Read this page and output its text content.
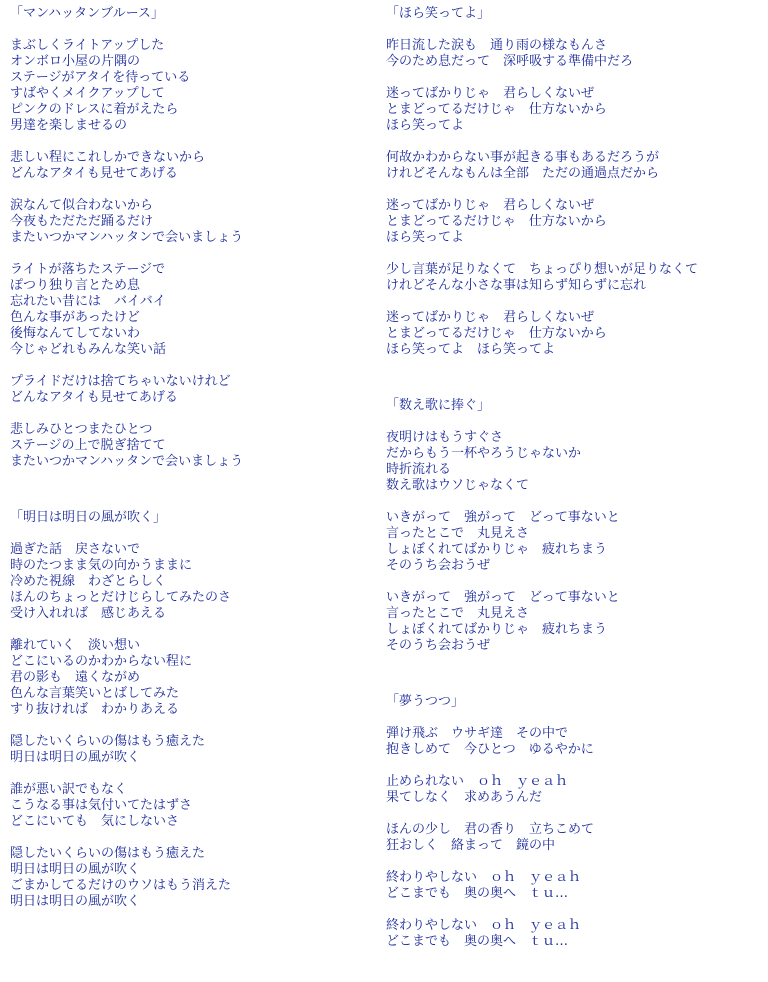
「マンハッタンブルース」
まぶしくライトアップした
オンボロ小屋の片隅の
ステージがアタイを待っている
すばやくメイクアップして
ピンクのドレスに着がえたら
男達を楽しませるの
悲しい程にこれしかできないから
どんなアタイも見せてあげる
涙なんて似合わないから
今夜もただただ踊るだけ
またいつかマンハッタンで会いましょう
ライトが落ちたステージで
ぽつり独り言とため息
忘れたい昔には　バイバイ
色んな事があったけど
後悔なんてしてないわ
今じゃどれもみんな笑い話
プライドだけは捨てちゃいないけれど
どんなアタイも見せてあげる
悲しみひとつまたひとつ
ステージの上で脱ぎ捨てて
またいつかマンハッタンで会いましょう
「明日は明日の風が吹く」
過ぎた話　戻さないで
時のたつまま気の向かうままに
冷めた視線　わざとらしく
ほんのちょっとだけじらしてみたのさ
受け入れれば　感じあえる
離れていく　淡い想い
どこにいるのかわからない程に
君の影も　遠くながめ
色んな言葉笑いとばしてみた
すり抜ければ　わかりあえる
隠したいくらいの傷はもう癒えた
明日は明日の風が吹く
誰が悪い訳でもなく
こうなる事は気付いてたはずさ
どこにいても　気にしないさ
隠したいくらいの傷はもう癒えた
明日は明日の風が吹く
ごまかしてるだけのウソはもう消えた
明日は明日の風が吹く
「ほら笑ってよ」
昨日流した涙も　通り雨の様なもんさ
今のため息だって　深呼吸する準備中だろ
迷ってばかりじゃ　君らしくないぜ
とまどってるだけじゃ　仕方ないから
ほら笑ってよ
何故かわからない事が起きる事もあるだろうが
けれどそんなもんは全部　ただの通過点だから
迷ってばかりじゃ　君らしくないぜ
とまどってるだけじゃ　仕方ないから
ほら笑ってよ
少し言葉が足りなくて　ちょっぴり想いが足りなくて
けれどそんな小さな事は知らず知らずに忘れ
迷ってばかりじゃ　君らしくないぜ
とまどってるだけじゃ　仕方ないから
ほら笑ってよ　ほら笑ってよ
「数え歌に捧ぐ」
夜明けはもうすぐさ
だからもう一杯やろうじゃないか
時折流れる
数え歌はウソじゃなくて
いきがって　強がって　どって事ないと
言ったとこで　丸見えさ
しょぼくれてばかりじゃ　疲れちまう
そのうち会おうぜ
いきがって　強がって　どって事ないと
言ったとこで　丸見えさ
しょぼくれてばかりじゃ　疲れちまう
そのうち会おうぜ
「夢うつつ」
弾け飛ぶ　ウサギ達　その中で
抱きしめて　今ひとつ　ゆるやかに
止められない　ｏｈ　ｙｅａｈ
果てしなく　求めあうんだ
ほんの少し　君の香り　立ちこめて
狂おしく　絡まって　鏡の中
終わりやしない　ｏｈ　ｙｅａｈ
どこまでも　奥の奥へ　ｔｕ…
終わりやしない　ｏｈ　ｙｅａｈ
どこまでも　奥の奥へ　ｔｕ…
